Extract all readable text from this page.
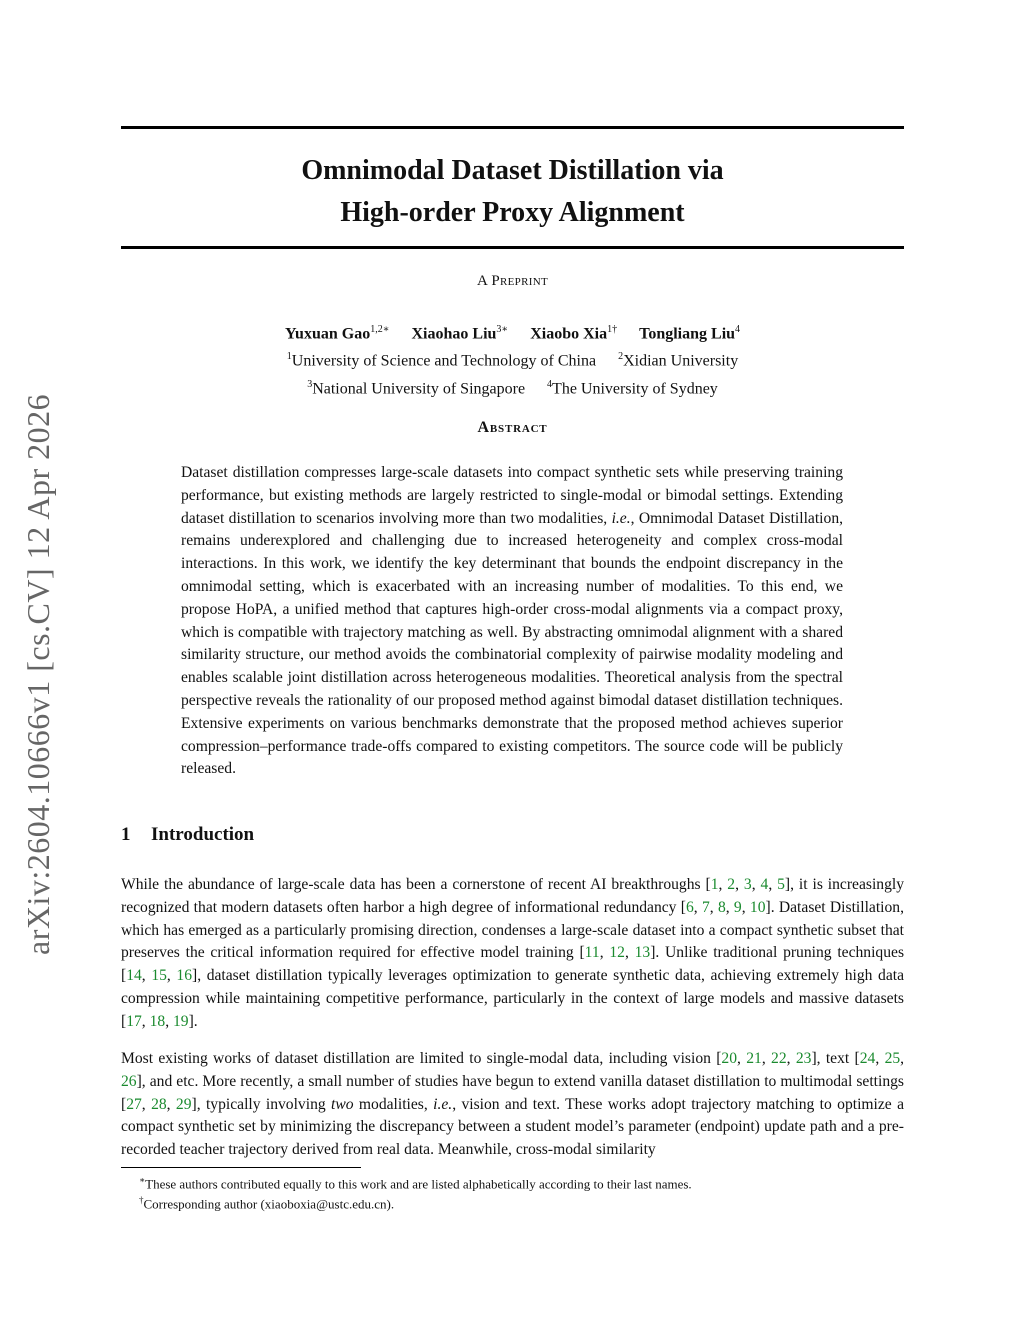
arXiv:2604.10666v1 [cs.CV] 12 Apr 2026
Omnimodal Dataset Distillation via
High-order Proxy Alignment
A Preprint
Yuxuan Gao$^{1,2∗}$ Xiaohao Liu$^{3∗}$ Xiaobo Xia$^{1\dagger}$ Tongliang Liu$^4$
$^1$University of Science and Technology of China $^2$Xidian University
$^3$National University of Singapore $^4$The University of Sydney
Abstract

Dataset distillation compresses large-scale datasets into compact synthetic sets while preserving training performance, but existing methods are largely restricted to single-modal or bimodal settings. Extending dataset distillation to scenarios involving more than two modalities, i.e., Omnimodal Dataset Distillation, remains underexplored and challenging due to increased heterogeneity and complex cross-modal interactions. In this work, we identify the key determinant that bounds the endpoint discrepancy in the omnimodal setting, which is exacerbated with an increasing number of modalities. To this end, we propose HoPA, a unified method that captures high-order cross-modal alignments via a compact proxy, which is compatible with trajectory matching as well. By abstracting omnimodal alignment with a shared similarity structure, our method avoids the combinatorial complexity of pairwise modality modeling and enables scalable joint distillation across heterogeneous modalities. Theoretical analysis from the spectral perspective reveals the rationality of our proposed method against bimodal dataset distillation techniques. Extensive experiments on various benchmarks demonstrate that the proposed method achieves superior compression–performance trade-offs compared to existing competitors. The source code will be publicly released.

1 Introduction

While the abundance of large-scale data has been a cornerstone of recent AI breakthroughs [1, 2, 3, 4, 5], it is increasingly recognized that modern datasets often harbor a high degree of informational redundancy [6, 7, 8, 9, 10]. Dataset Distillation, which has emerged as a particularly promising direction, condenses a large-scale dataset into a compact synthetic subset that preserves the critical information required for effective model training [11, 12, 13]. Unlike traditional pruning techniques [14, 15, 16], dataset distillation typically leverages optimization to generate synthetic data, achieving extremely high data compression while maintaining competitive performance, particularly in the context of large models and massive datasets [17, 18, 19].

Most existing works of dataset distillation are limited to single-modal data, including vision [20, 21, 22, 23], text [24, 25, 26], and etc. More recently, a small number of studies have begun to extend vanilla dataset distillation to multimodal settings [27, 28, 29], typically involving two modalities, i.e., vision and text. These works adopt trajectory matching to optimize a compact synthetic set by minimizing the discrepancy between a student model’s parameter (endpoint) update path and a pre-recorded teacher trajectory derived from real data. Meanwhile, cross-modal similarity

∗These authors contributed equally to this work and are listed alphabetically according to their last names.
†Corresponding author (xiaoboxia@ustc.edu.cn).
